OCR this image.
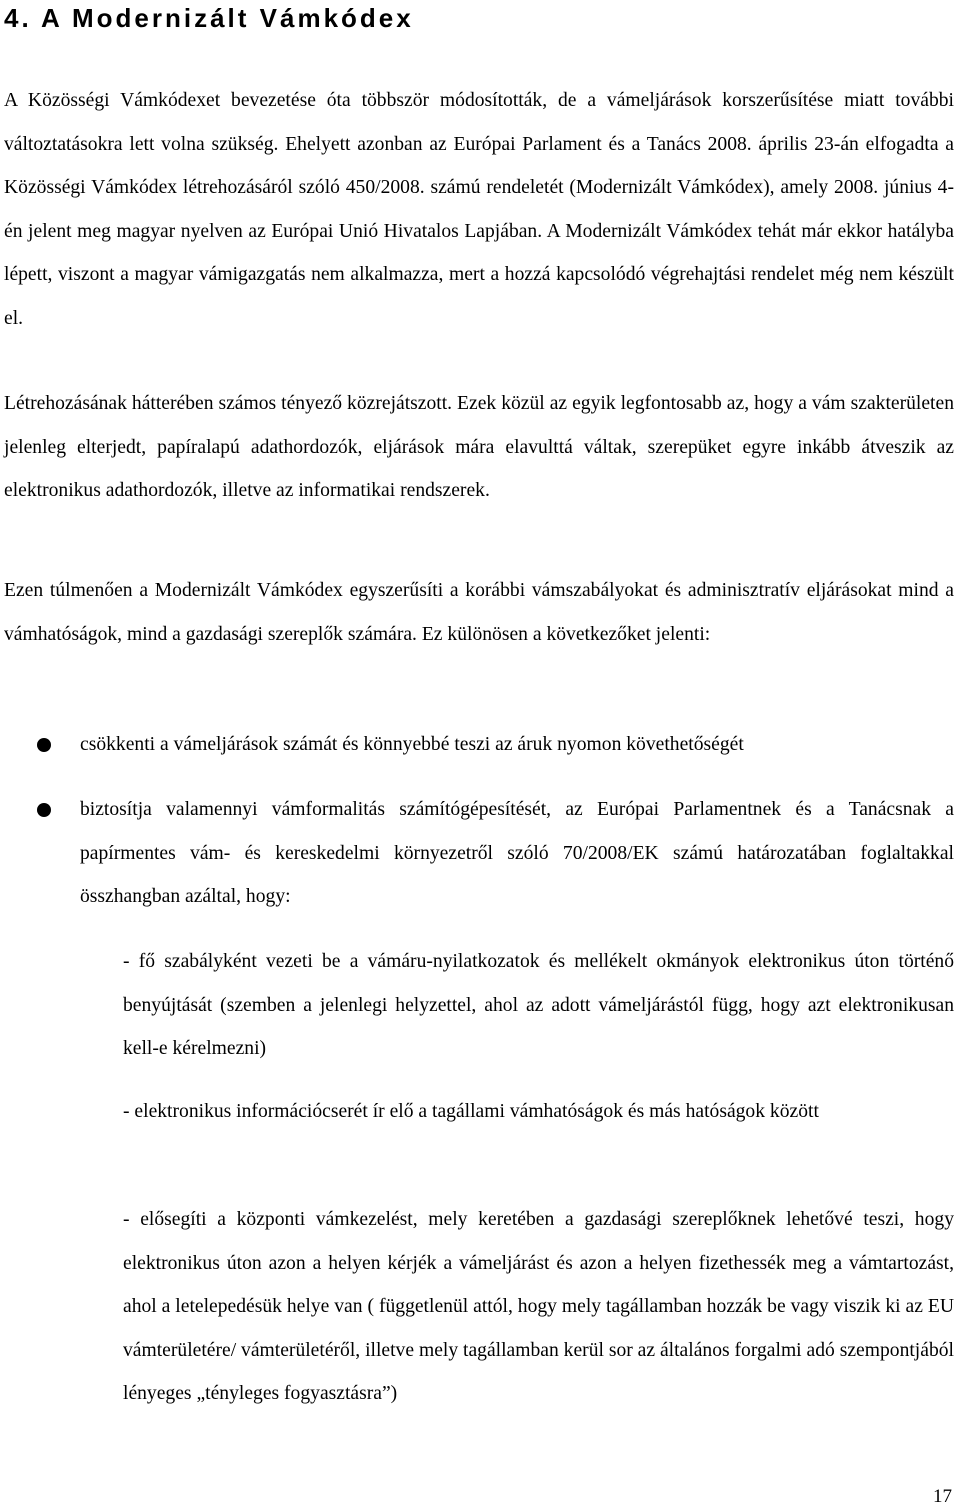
4. A Modernizált Vámkódex

A Közösségi Vámkódexet bevezetése óta többször módosították, de a vámeljárások korszerűsítése miatt további változtatásokra lett volna szükség. Ehelyett azonban az Európai Parlament és a Tanács 2008. április 23-án elfogadta a Közösségi Vámkódex létrehozásáról szóló 450/2008. számú rendeletét (Modernizált Vámkódex), amely 2008. június 4-én jelent meg magyar nyelven az Európai Unió Hivatalos Lapjában. A Modernizált Vámkódex tehát már ekkor hatályba lépett, viszont a magyar vámigazgatás nem alkalmazza, mert a hozzá kapcsolódó végrehajtási rendelet még nem készült el.

Létrehozásának hátterében számos tényező közrejátszott. Ezek közül az egyik legfontosabb az, hogy a vám szakterületen jelenleg elterjedt, papíralapú adathordozók, eljárások mára elavulttá váltak, szerepüket egyre inkább átveszik az elektronikus adathordozók, illetve az informatikai rendszerek.

Ezen túlmenően a Modernizált Vámkódex egyszerűsíti a korábbi vámszabályokat és adminisztratív eljárásokat mind a vámhatóságok, mind a gazdasági szereplők számára. Ez különösen a következőket jelenti:

csökkenti a vámeljárások számát és könnyebbé teszi az áruk nyomon követhetőségét

biztosítja valamennyi vámformalitás számítógépesítését, az Európai Parlamentnek és a Tanácsnak a papírmentes vám- és kereskedelmi környezetről szóló 70/2008/EK számú határozatában foglaltakkal összhangban azáltal, hogy:

- fő szabályként vezeti be a vámáru-nyilatkozatok és mellékelt okmányok elektronikus úton történő benyújtását (szemben a jelenlegi helyzettel, ahol az adott vámeljárástól függ, hogy azt elektronikusan kell-e kérelmezni)

- elektronikus információcserét ír elő a tagállami vámhatóságok és más hatóságok között

- elősegíti a központi vámkezelést, mely keretében a gazdasági szereplőknek lehetővé teszi, hogy elektronikus úton azon a helyen kérjék a vámeljárást és azon a helyen fizethessék meg a vámtartozást, ahol a letelepedésük helye van ( függetlenül attól, hogy mely tagállamban hozzák be vagy viszik ki az EU vámterületére/ vámterületéről, illetve mely tagállamban kerül sor az általános forgalmi adó szempontjából lényeges „tényleges fogyasztásra”)

17
